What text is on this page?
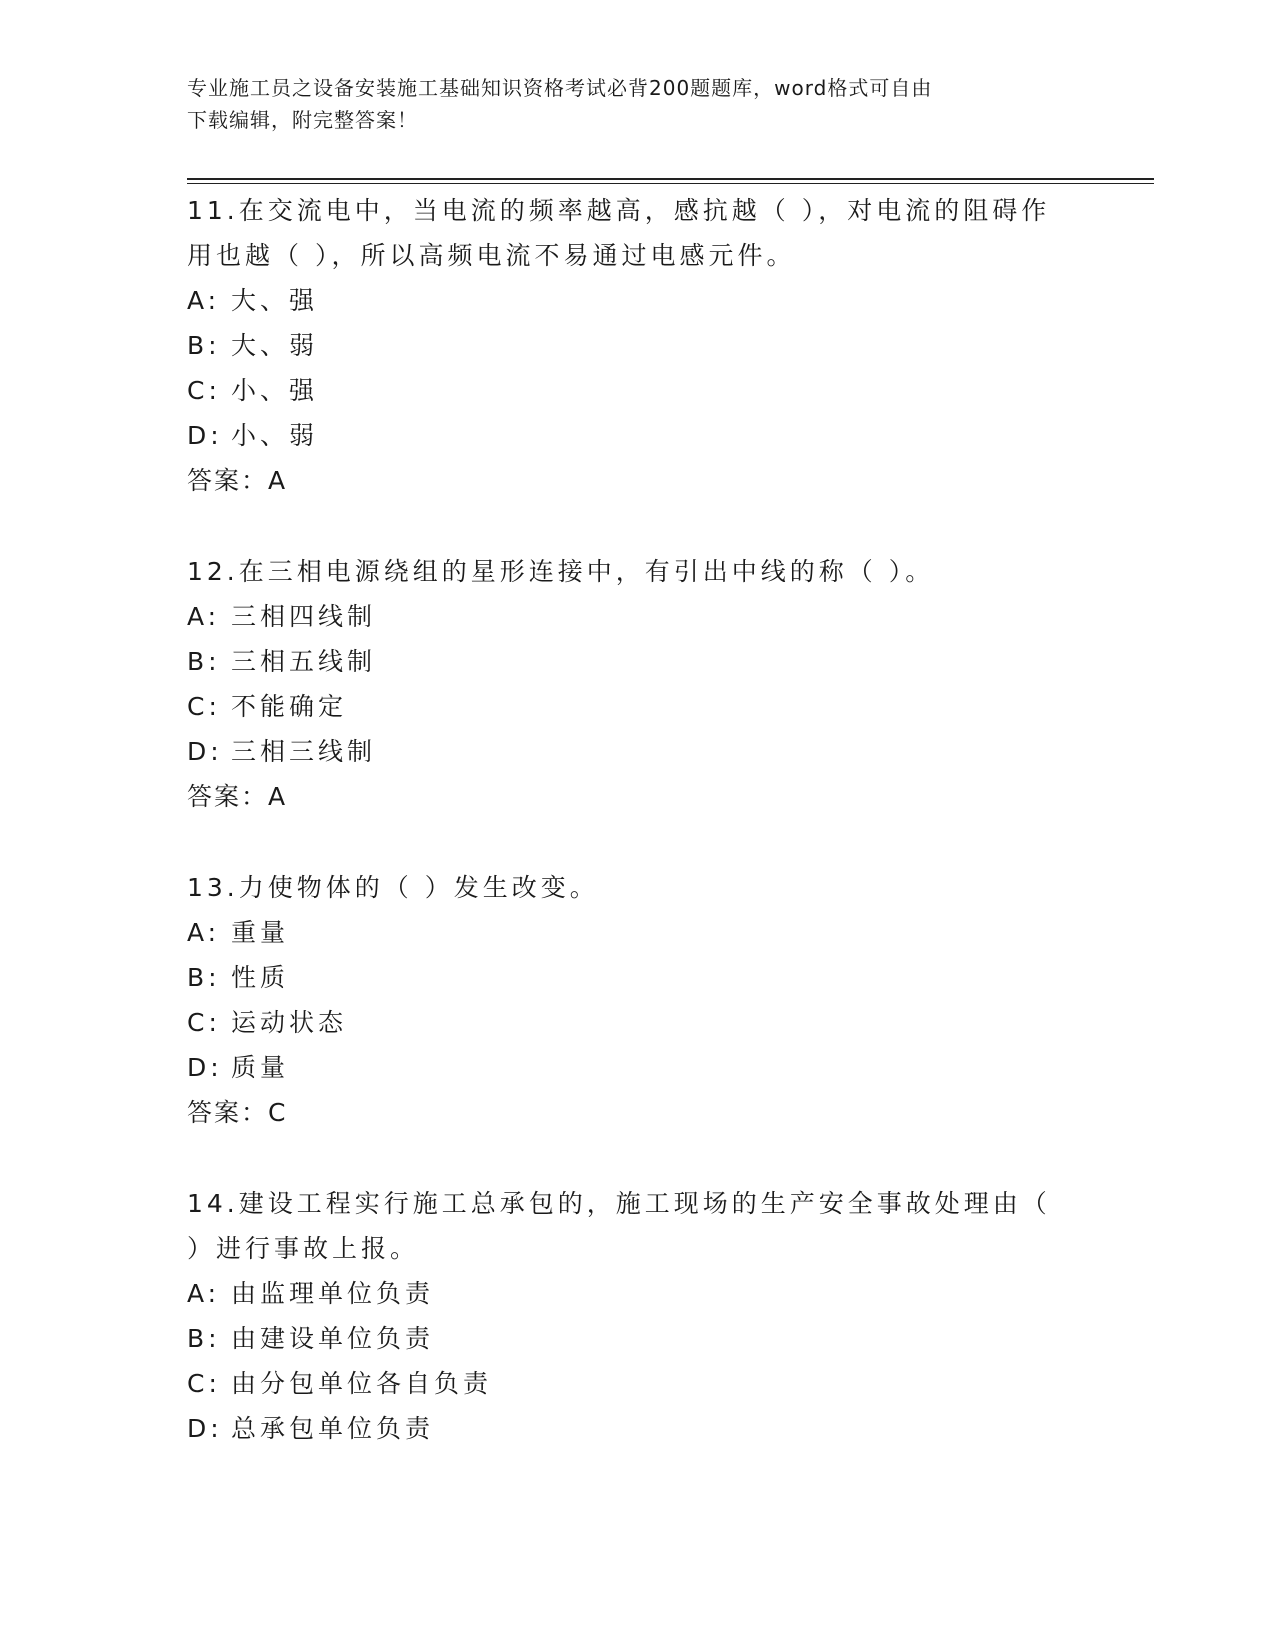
专业施工员之设备安装施工基础知识资格考试必背200题题库，word格式可自由
下载编辑，附完整答案！

11.在交流电中，当电流的频率越高，感抗越（ ），对电流的阻碍作

用也越（ ），所以高频电流不易通过电感元件。

A: 大、强

B: 大、弱

C: 小、强

D: 小、弱

答案：A

12.在三相电源绕组的星形连接中，有引出中线的称（ ）。

A: 三相四线制

B: 三相五线制

C: 不能确定

D: 三相三线制

答案：A

13.力使物体的（ ）发生改变。

A: 重量

B: 性质

C: 运动状态

D: 质量

答案：C

14.建设工程实行施工总承包的，施工现场的生产安全事故处理由（

）进行事故上报。

A: 由监理单位负责

B: 由建设单位负责

C: 由分包单位各自负责

D: 总承包单位负责
